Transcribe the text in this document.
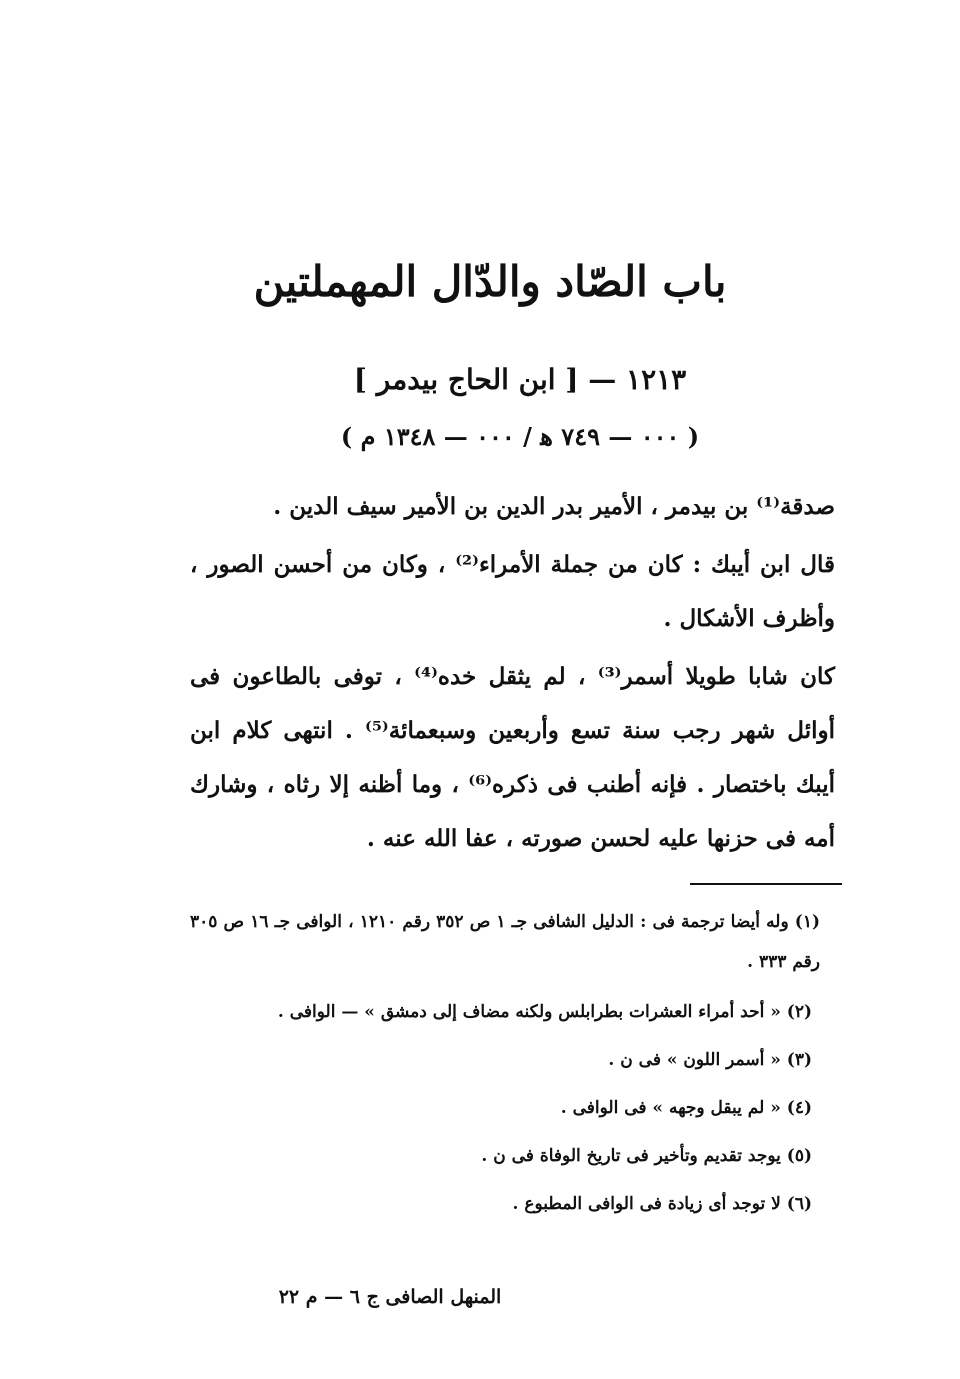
باب الصّاد والدّال المهملتين
١٢١٣ — [ ابن الحاج بيدمر ]
( ٠٠٠ — ٧٤٩ ﻫ / ٠٠٠ — ١٣٤٨ م )
صدقة⁽¹⁾ بن بيدمر ، الأمير بدر الدين بن الأمير سيف الدين .
قال ابن أيبك : كان من جملة الأمراء⁽²⁾ ، وكان من أحسن الصور ، وأظرف الأشكال .
كان شابا طويلا أسمر⁽³⁾ ، لم يثقل خده⁽⁴⁾ ، توفى بالطاعون فى أوائل شهر رجب سنة تسع وأربعين وسبعمائة⁽⁵⁾ . انتهى كلام ابن أيبك باختصار . فإنه أطنب فى ذكره⁽⁶⁾ ، وما أظنه إلا رثاه ، وشارك أمه فى حزنها عليه لحسن صورته ، عفا الله عنه .
(١) وله أيضا ترجمة فى : الدليل الشافى جـ ١ ص ٣٥٢ رقم ١٢١٠ ، الوافى جـ ١٦ ص ٣٠٥ رقم ٣٣٣ .
(٢) « أحد أمراء العشرات بطرابلس ولكنه مضاف إلى دمشق » — الوافى .
(٣) « أسمر اللون » فى ن .
(٤) « لم يبقل وجهه » فى الوافى .
(٥) يوجد تقديم وتأخير فى تاريخ الوفاة فى ن .
(٦) لا توجد أى زيادة فى الوافى المطبوع .
المنهل الصافى ج ٦ — م ٢٢
